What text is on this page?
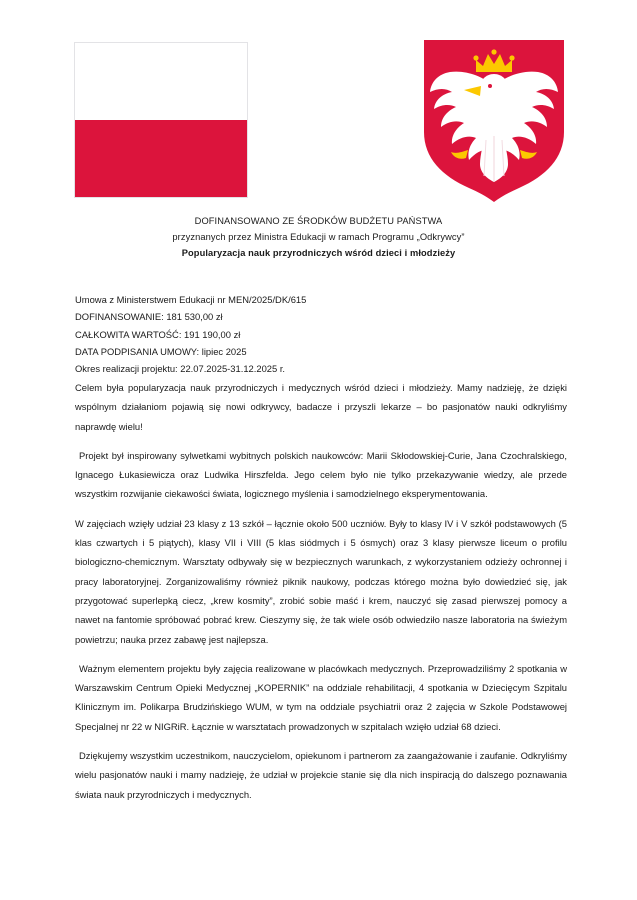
DOFINANSOWANO ZE ŚRODKÓW BUDŻETU PAŃSTWA
przyznanych przez Ministra Edukacji w ramach Programu „Odkrywcy”
Popularyzacja nauk przyrodniczych wśród dzieci i młodzieży
Umowa z Ministerstwem Edukacji nr MEN/2025/DK/615
DOFINANSOWANIE: 181 530,00 zł
CAŁKOWITA WARTOŚĆ: 191 190,00 zł
DATA PODPISANIA UMOWY: lipiec 2025
Okres realizacji projektu: 22.07.2025-31.12.2025 r.

Celem była popularyzacja nauk przyrodniczych i medycznych wśród dzieci i młodzieży. Mamy nadzieję, że dzięki wspólnym działaniom pojawią się nowi odkrywcy, badacze i przyszli lekarze – bo pasjonatów nauki odkryliśmy naprawdę wielu!

Projekt był inspirowany sylwetkami wybitnych polskich naukowców: Marii Skłodowskiej-Curie, Jana Czochralskiego, Ignacego Łukasiewicza oraz Ludwika Hirszfelda. Jego celem było nie tylko przekazywanie wiedzy, ale przede wszystkim rozwijanie ciekawości świata, logicznego myślenia i samodzielnego eksperymentowania.

W zajęciach wzięły udział 23 klasy z 13 szkół – łącznie około 500 uczniów. Były to klasy IV i V szkół podstawowych (5 klas czwartych i 5 piątych), klasy VII i VIII (5 klas siódmych i 5 ósmych) oraz 3 klasy pierwsze liceum o profilu biologiczno-chemicznym. Warsztaty odbywały się w bezpiecznych warunkach, z wykorzystaniem odzieży ochronnej i pracy laboratoryjnej. Zorganizowaliśmy również piknik naukowy, podczas którego można było dowiedzieć się, jak przygotować superlepką ciecz, „krew kosmity”, zrobić sobie maść i krem, nauczyć się zasad pierwszej pomocy a nawet na fantomie spróbować pobrać krew. Cieszymy się, że tak wiele osób odwiedziło nasze laboratoria na świeżym powietrzu; nauka przez zabawę jest najlepsza.

Ważnym elementem projektu były zajęcia realizowane w placówkach medycznych. Przeprowadziliśmy 2 spotkania w Warszawskim Centrum Opieki Medycznej „KOPERNIK” na oddziale rehabilitacji, 4 spotkania w Dziecięcym Szpitalu Klinicznym im. Polikarpa Brudzińskiego WUM, w tym na oddziale psychiatrii oraz 2 zajęcia w Szkole Podstawowej Specjalnej nr 22 w NIGRiR. Łącznie w warsztatach prowadzonych w szpitalach wzięło udział 68 dzieci.

Dziękujemy wszystkim uczestnikom, nauczycielom, opiekunom i partnerom za zaangażowanie i zaufanie. Odkryliśmy wielu pasjonatów nauki i mamy nadzieję, że udział w projekcie stanie się dla nich inspiracją do dalszego poznawania świata nauk przyrodniczych i medycznych.
